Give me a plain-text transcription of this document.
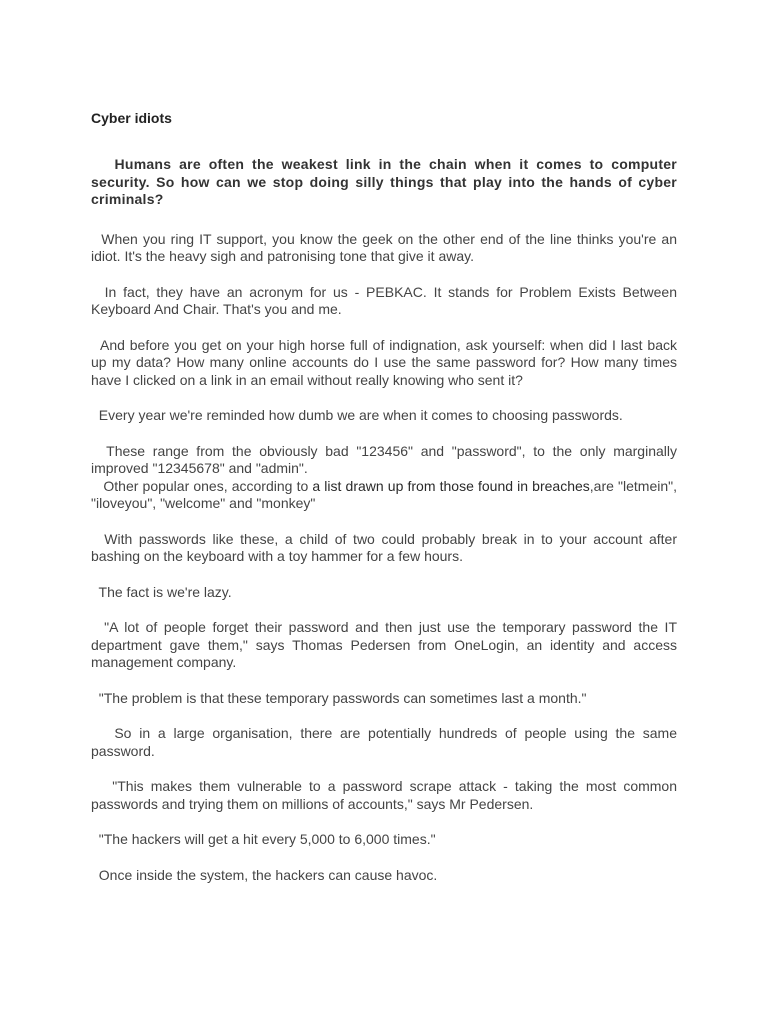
Cyber idiots

Humans are often the weakest link in the chain when it comes to computer security. So how can we stop doing silly things that play into the hands of cyber criminals?

When you ring IT support, you know the geek on the other end of the line thinks you're an idiot. It's the heavy sigh and patronising tone that give it away.

In fact, they have an acronym for us - PEBKAC. It stands for Problem Exists Between Keyboard And Chair. That's you and me.

And before you get on your high horse full of indignation, ask yourself: when did I last back up my data? How many online accounts do I use the same password for? How many times have I clicked on a link in an email without really knowing who sent it?

Every year we're reminded how dumb we are when it comes to choosing passwords.

These range from the obviously bad "123456" and "password", to the only marginally improved "12345678" and "admin".

Other popular ones, according to a list drawn up from those found in breaches,are "letmein", "iloveyou", "welcome" and "monkey"

With passwords like these, a child of two could probably break in to your account after bashing on the keyboard with a toy hammer for a few hours.

The fact is we're lazy.

"A lot of people forget their password and then just use the temporary password the IT department gave them," says Thomas Pedersen from OneLogin, an identity and access management company.

"The problem is that these temporary passwords can sometimes last a month."

So in a large organisation, there are potentially hundreds of people using the same password.

"This makes them vulnerable to a password scrape attack - taking the most common passwords and trying them on millions of accounts," says Mr Pedersen.

"The hackers will get a hit every 5,000 to 6,000 times."

Once inside the system, the hackers can cause havoc.
